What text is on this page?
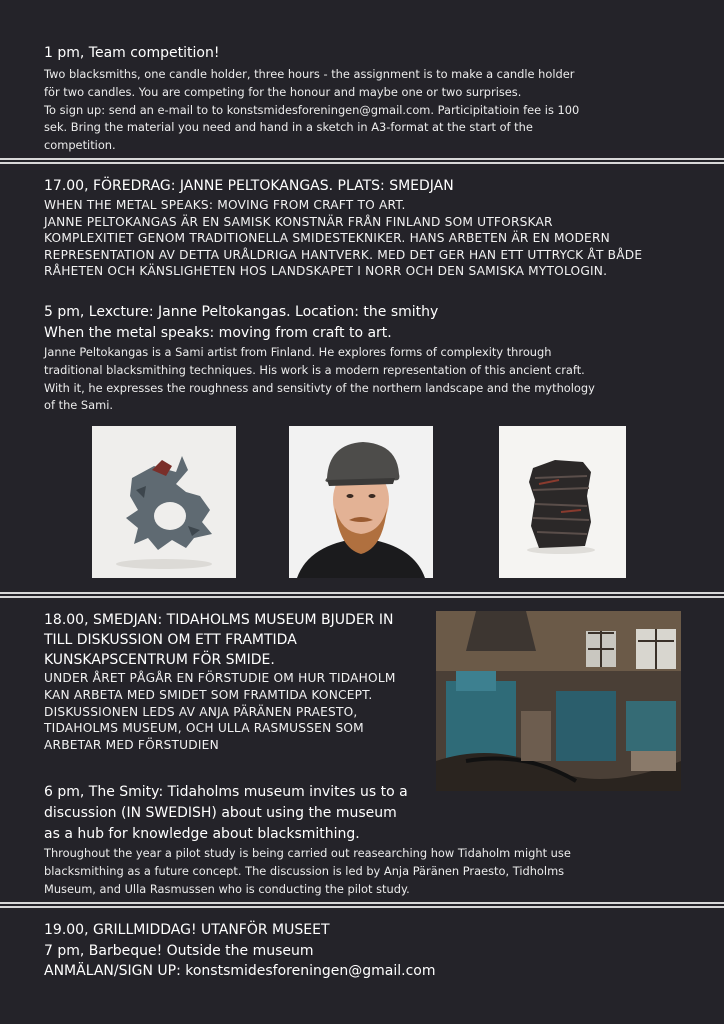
1 pm, Team competition!
Two blacksmiths, one candle holder, three hours - the assignment is to make a candle holder
för two candles. You are competing for the honour and maybe one or two surprises.
To sign up: send an e-mail to to konstsmidesforeningen@gmail.com. Participitatioin fee is 100
sek. Bring the material you need and hand in a sketch in A3-format at the start of the
competition.
17.00, FÖREDRAG: JANNE PELTOKANGAS. PLATS: SMEDJAN
WHEN THE METAL SPEAKS: MOVING FROM CRAFT TO ART.
JANNE PELTOKANGAS ÄR EN SAMISK KONSTNÄR FRÅN FINLAND SOM UTFORSKAR
KOMPLEXITIET GENOM TRADITIONELLA SMIDESTEKNIKER. HANS ARBETEN ÄR EN MODERN
REPRESENTATION AV DETTA URÅLDRIGA HANTVERK. MED DET GER HAN ETT UTTRYCK ÅT BÅDE
RÅHETEN OCH KÄNSLIGHETEN HOS LANDSKAPET I NORR OCH DEN SAMISKA MYTOLOGIN.
5 pm, Lexcture: Janne Peltokangas. Location: the smithy
When the metal speaks: moving from craft to art.
Janne Peltokangas is a Sami artist from Finland. He explores forms of complexity through
traditional blacksmithing techniques. His work is a modern representation of this ancient craft.
With it, he expresses the roughness and sensitivty of the northern landscape and the mythology
of the Sami.
18.00, SMEDJAN: TIDAHOLMS MUSEUM BJUDER IN
TILL DISKUSSION OM ETT FRAMTIDA
KUNSKAPSCENTRUM FÖR SMIDE.
UNDER ÅRET PÅGÅR EN FÖRSTUDIE OM HUR TIDAHOLM
KAN ARBETA MED SMIDET SOM FRAMTIDA KONCEPT.
DISKUSSIONEN LEDS AV ANJA PÄRÄNEN PRAESTO,
TIDAHOLMS MUSEUM, OCH ULLA RASMUSSEN SOM
ARBETAR MED FÖRSTUDIEN
6 pm, The Smity: Tidaholms museum invites us to a
discussion (IN SWEDISH) about using the museum
as a hub for knowledge about blacksmithing.
Throughout the year a pilot study is being carried out reasearching how Tidaholm might use
blacksmithing as a future concept. The discussion is led by Anja Päränen Praesto, Tidholms
Museum, and Ulla Rasmussen who is conducting the pilot study.
19.00, GRILLMIDDAG! UTANFÖR MUSEET
7 pm, Barbeque! Outside the museum
ANMÄLAN/SIGN UP: konstsmidesforeningen@gmail.com
